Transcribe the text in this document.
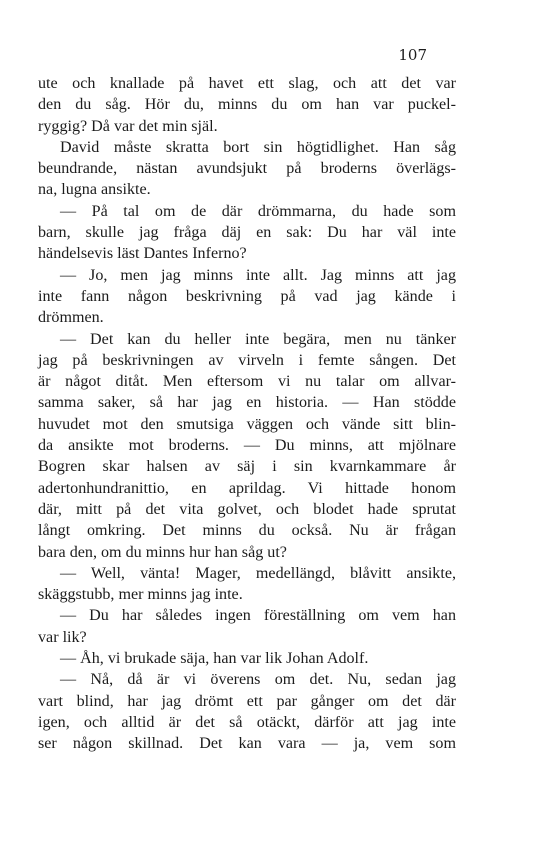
107
ute och knallade på havet ett slag, och att det var
den du såg. Hör du, minns du om han var puckel-
ryggig? Då var det min själ.
David måste skratta bort sin högtidlighet. Han såg
beundrande, nästan avundsjukt på broderns överlägs-
na, lugna ansikte.
— På tal om de där drömmarna, du hade som
barn, skulle jag fråga däj en sak: Du har väl inte
händelsevis läst Dantes Inferno?
— Jo, men jag minns inte allt. Jag minns att jag
inte fann någon beskrivning på vad jag kände i
drömmen.
— Det kan du heller inte begära, men nu tänker
jag på beskrivningen av virveln i femte sången. Det
är något ditåt. Men eftersom vi nu talar om allvar-
samma saker, så har jag en historia. — Han stödde
huvudet mot den smutsiga väggen och vände sitt blin-
da ansikte mot broderns. — Du minns, att mjölnare
Bogren skar halsen av säj i sin kvarnkammare år
adertonhundranittio, en aprildag. Vi hittade honom
där, mitt på det vita golvet, och blodet hade sprutat
långt omkring. Det minns du också. Nu är frågan
bara den, om du minns hur han såg ut?
— Well, vänta! Mager, medellängd, blåvitt ansikte,
skäggstubb, mer minns jag inte.
— Du har således ingen föreställning om vem han
var lik?
— Åh, vi brukade säja, han var lik Johan Adolf.
— Nå, då är vi överens om det. Nu, sedan jag
vart blind, har jag drömt ett par gånger om det där
igen, och alltid är det så otäckt, därför att jag inte
ser någon skillnad. Det kan vara — ja, vem som
